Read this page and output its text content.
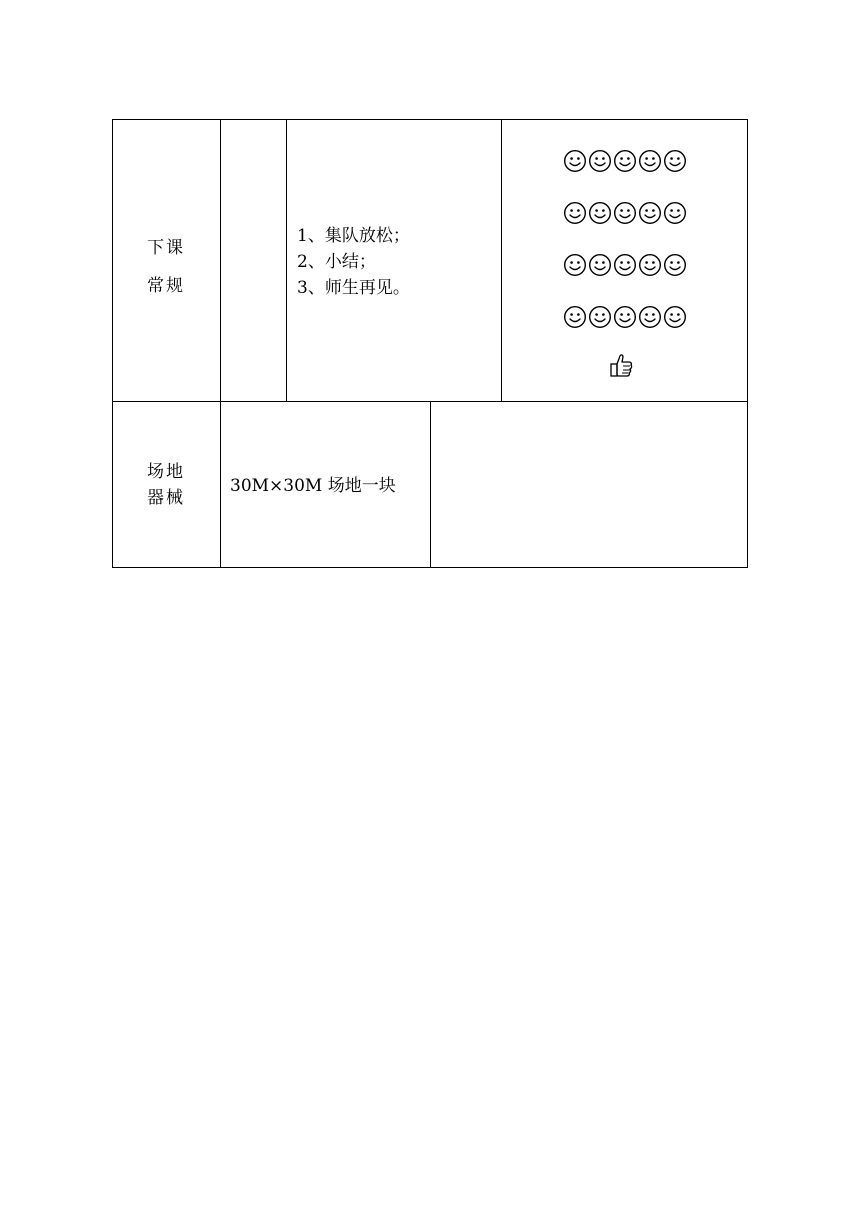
下课
常规
1、集队放松；
2、小结；
3、师生再见。
场地
器械
30M×30M 场地一块
